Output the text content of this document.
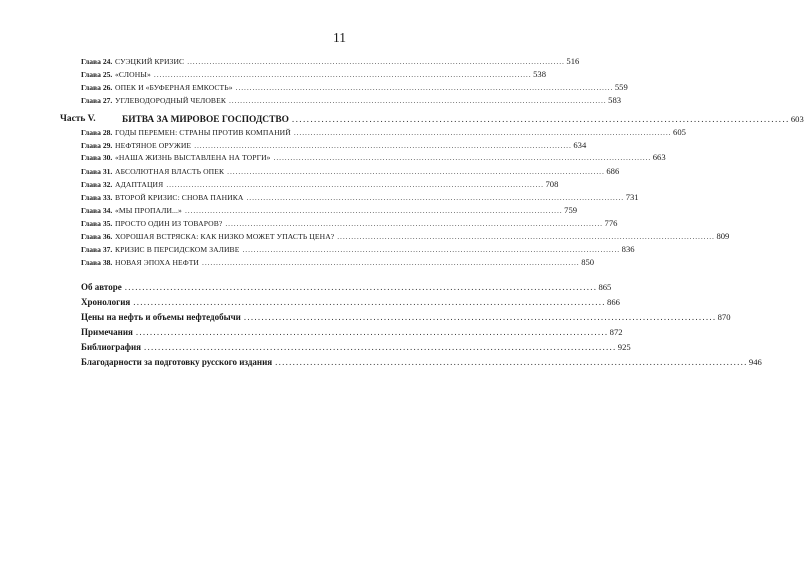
11
Глава 24. СУЭЦКИЙ КРИЗИС . . .	516
Глава 25. «СЛОНЫ» . . .	538
Глава 26. ОПЕК И «БУФЕРНАЯ ЕМКОСТЬ» . . .	559
Глава 27. УГЛЕВОДОРОДНЫЙ ЧЕЛОВЕК . . .	583
Часть V.	БИТВА ЗА МИРОВОЕ ГОСПОДСТВО . . .	603
Глава 28. ГОДЫ ПЕРЕМЕН: СТРАНЫ ПРОТИВ КОМПАНИЙ . . .	605
Глава 29. НЕФТЯНОЕ ОРУЖИЕ . . .	634
Глава 30. «НАША ЖИЗНЬ ВЫСТАВЛЕНА НА ТОРГИ» . . .	663
Глава 31. АБСОЛЮТНАЯ ВЛАСТЬ ОПЕК . . .	686
Глава 32. АДАПТАЦИЯ . . .	708
Глава 33. ВТОРОЙ КРИЗИС: СНОВА ПАНИКА . . .	731
Глава 34. «МЫ ПРОПАЛИ...» . . .	759
Глава 35. ПРОСТО ОДИН ИЗ ТОВАРОВ? . . .	776
Глава 36. ХОРОШАЯ ВСТРЯСКА: КАК НИЗКО МОЖЕТ УПАСТЬ ЦЕНА? . . .	809
Глава 37. КРИЗИС В ПЕРСИДСКОМ ЗАЛИВЕ . . .	836
Глава 38. НОВАЯ ЭПОХА НЕФТИ . . .	850
Об авторе . . .	865
Хронология . . .	866
Цены на нефть и объемы нефтедобычи . . .	870
Примечания . . .	872
Библиография . . .	925
Благодарности за подготовку русского издания . . .	946
